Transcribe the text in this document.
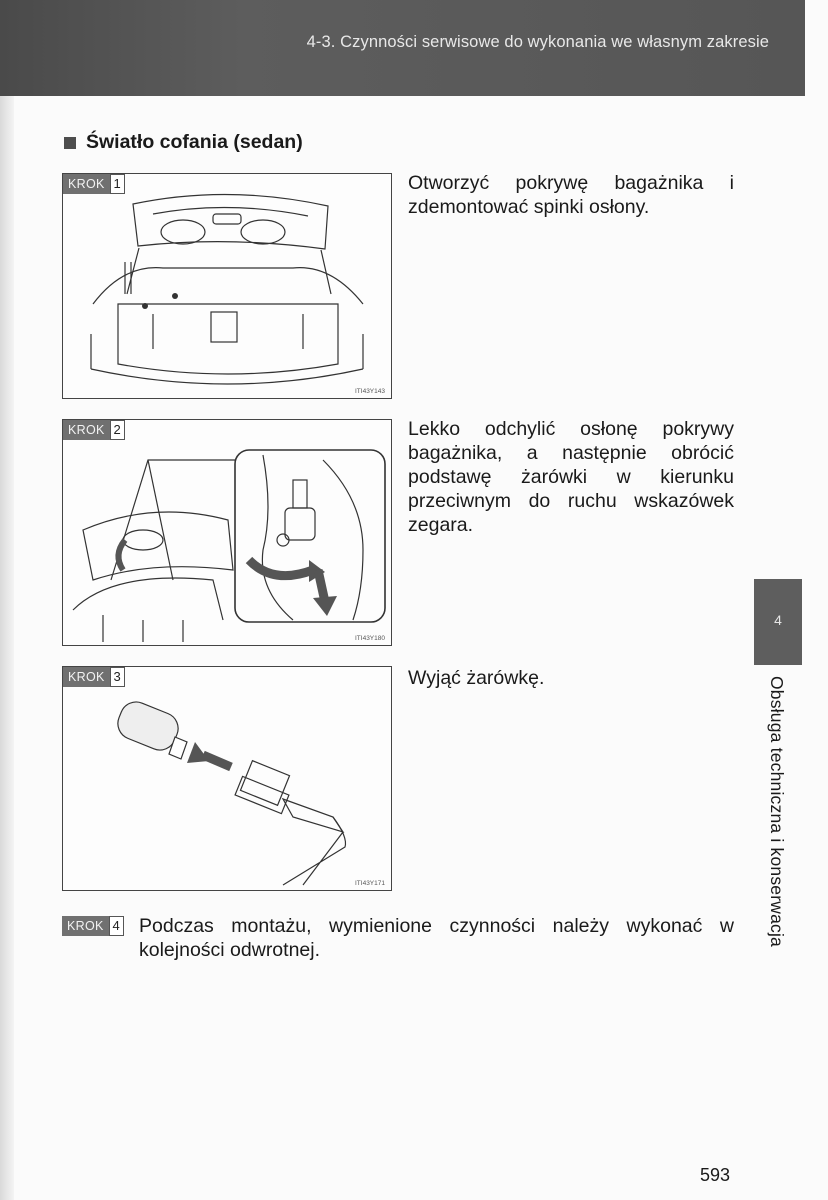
4-3. Czynności serwisowe do wykonania we własnym zakresie
Światło cofania (sedan)
KROK 1
ITI43Y143
Otworzyć pokrywę bagażnika i zdemontować spinki osłony.
KROK 2
ITI43Y180
Lekko odchylić osłonę pokrywy bagażnika, a następnie obrócić podstawę żarówki w kierunku przeciwnym do ruchu wskazówek zegara.
KROK 3
ITI43Y171
Wyjąć żarówkę.
KROK 4 Podczas montażu, wymienione czynności należy wykonać w kolejności odwrotnej.
4
Obsługa techniczna i konserwacja
593
